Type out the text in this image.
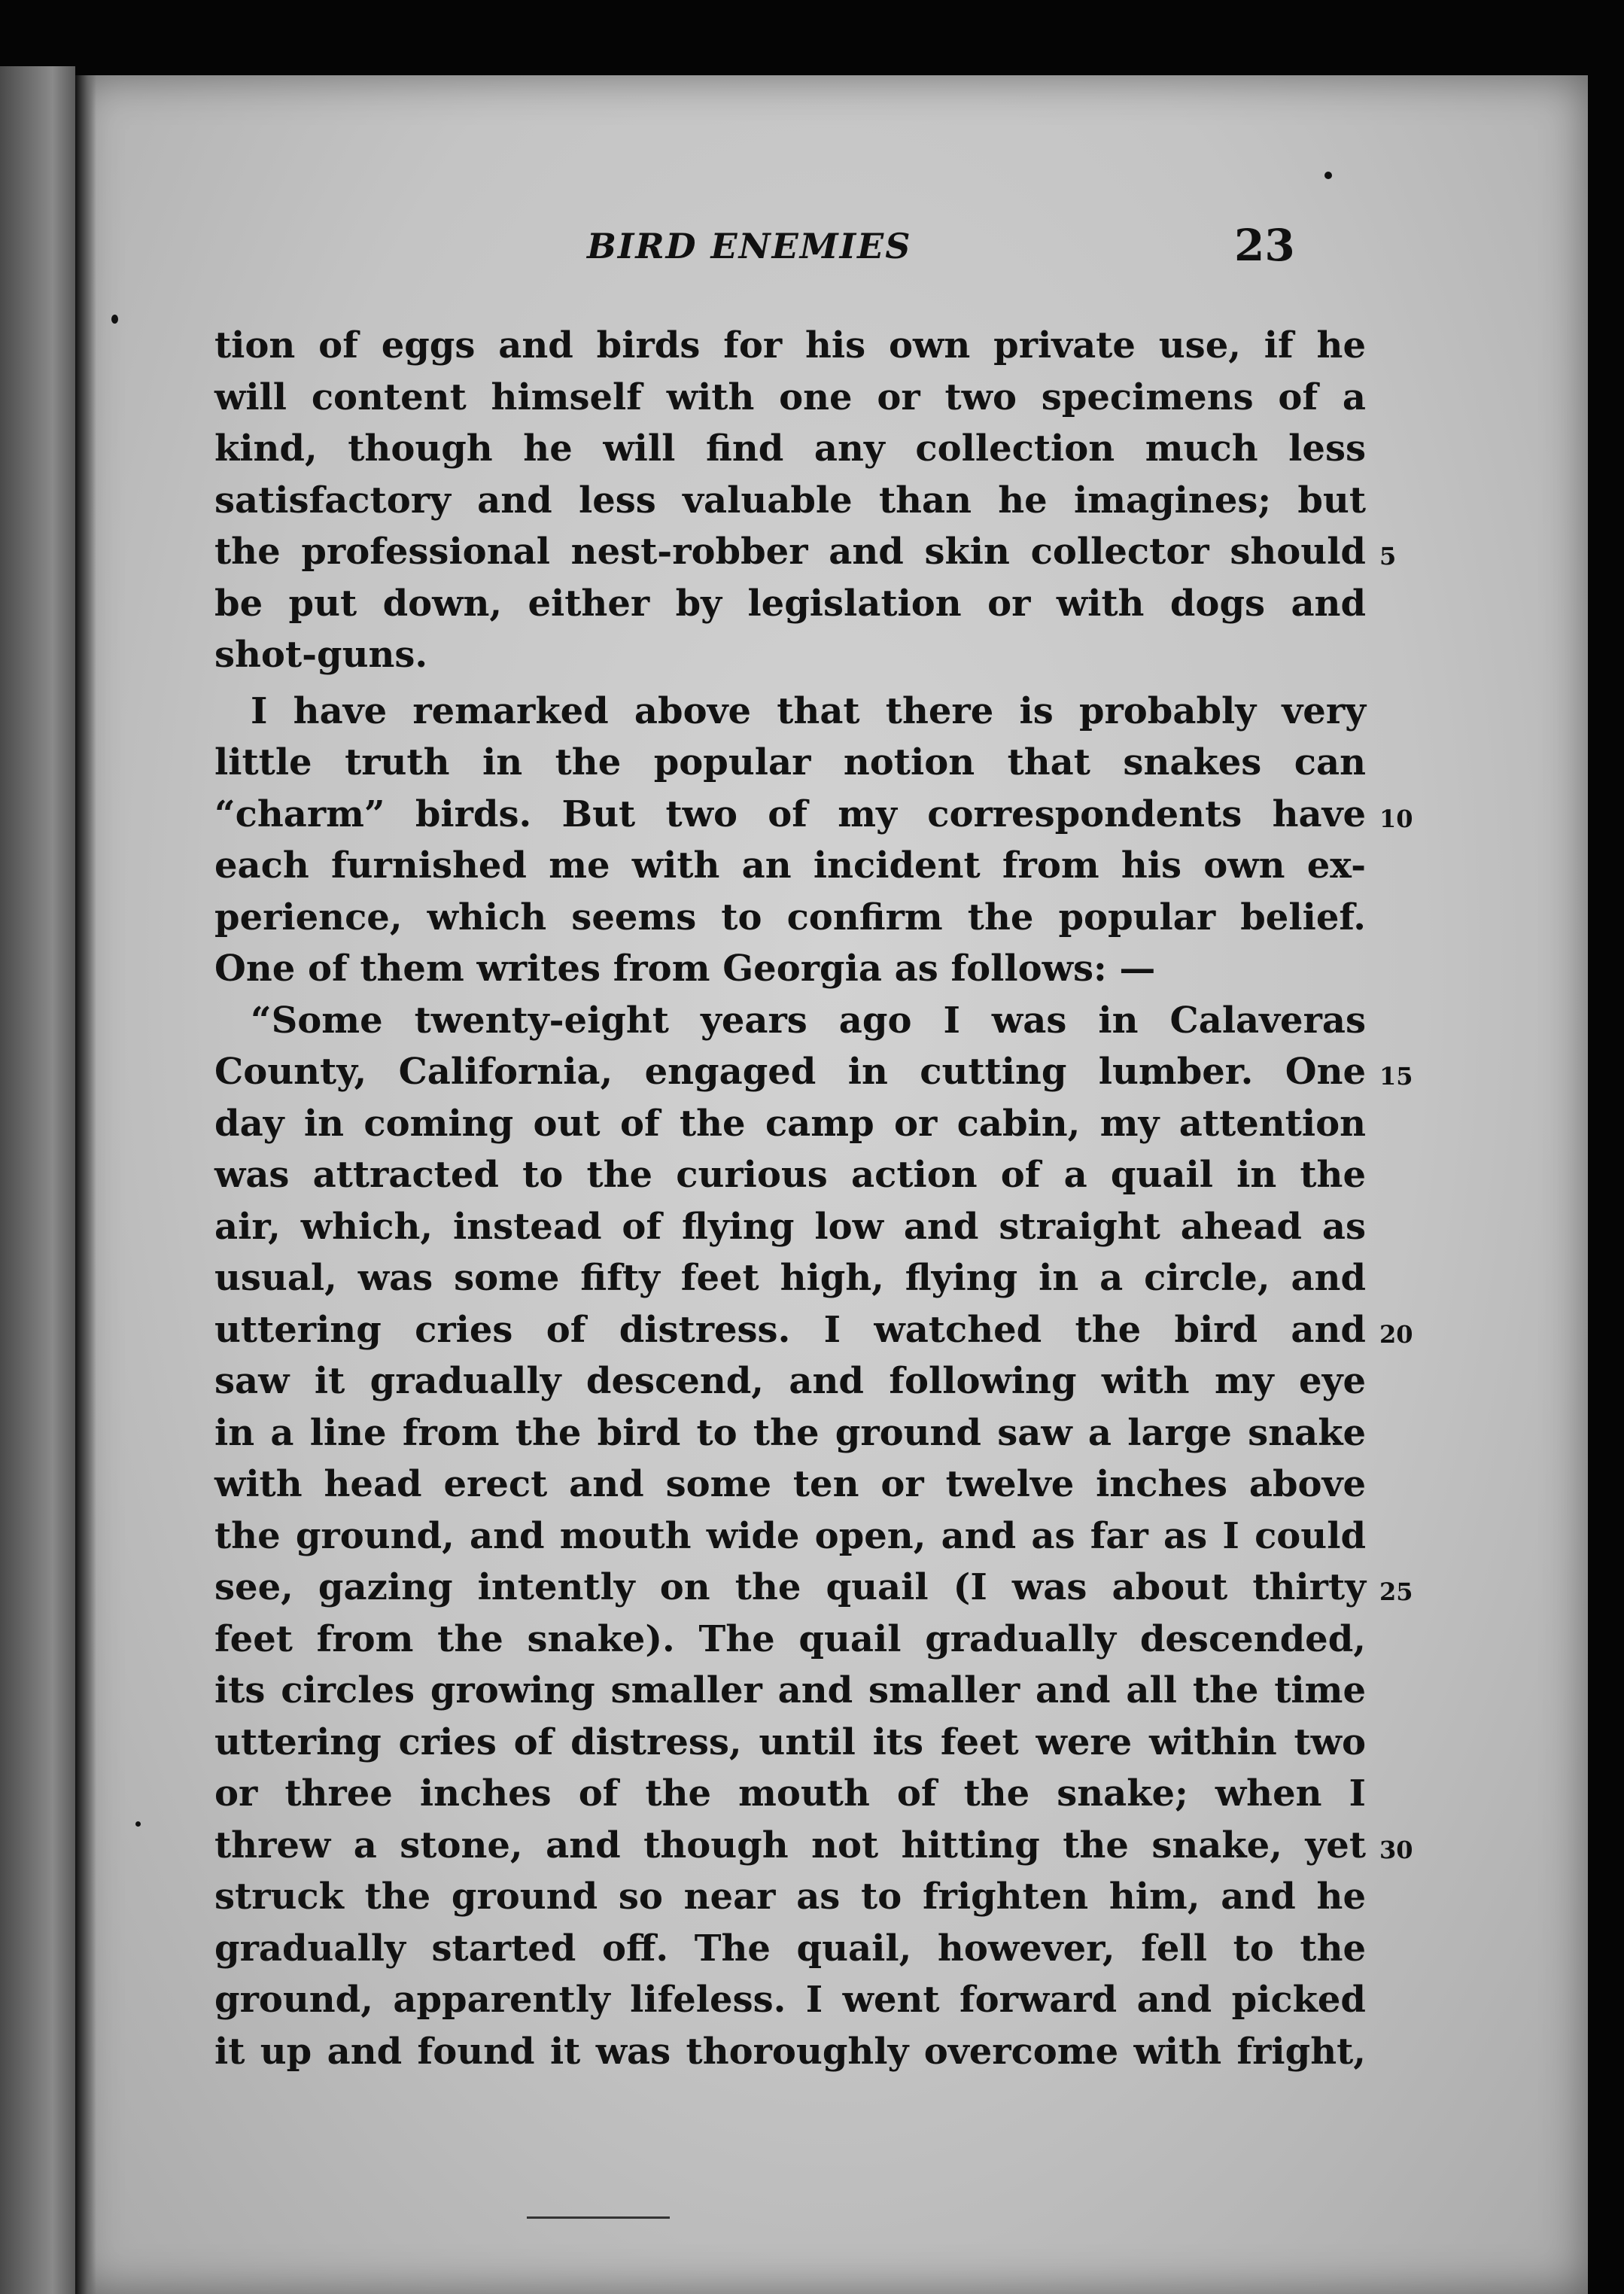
BIRD ENEMIES	23
tion of eggs and birds for his own private use, if he
will content himself with one or two specimens of a
kind, though he will find any collection much less
satisfactory and less valuable than he imagines; but
the professional nest-robber and skin collector should 5
be put down, either by legislation or with dogs and
shot-guns.
I have remarked above that there is probably very
little truth in the popular notion that snakes can
“charm” birds. But two of my correspondents have 10
each furnished me with an incident from his own ex-
perience, which seems to confirm the popular belief.
One of them writes from Georgia as follows: —
“Some twenty-eight years ago I was in Calaveras
County, California, engaged in cutting lumber. One 15
day in coming out of the camp or cabin, my attention
was attracted to the curious action of a quail in the
air, which, instead of flying low and straight ahead as
usual, was some fifty feet high, flying in a circle, and
uttering cries of distress. I watched the bird and 20
saw it gradually descend, and following with my eye
in a line from the bird to the ground saw a large snake
with head erect and some ten or twelve inches above
the ground, and mouth wide open, and as far as I could
see, gazing intently on the quail (I was about thirty 25
feet from the snake). The quail gradually descended,
its circles growing smaller and smaller and all the time
uttering cries of distress, until its feet were within two
or three inches of the mouth of the snake; when I
threw a stone, and though not hitting the snake, yet 30
struck the ground so near as to frighten him, and he
gradually started off. The quail, however, fell to the
ground, apparently lifeless. I went forward and picked
it up and found it was thoroughly overcome with fright,
